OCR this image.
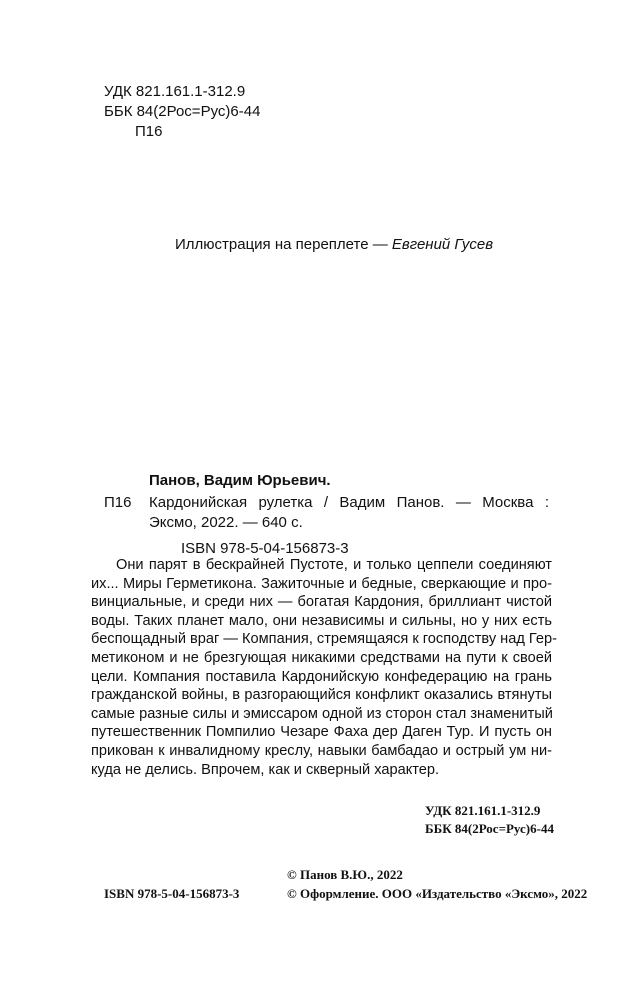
УДК 821.161.1-312.9
ББК 84(2Рос=Рус)6-44
П16
Иллюстрация на переплете — Евгений Гусев
Панов, Вадим Юрьевич.
П16 Кардонийская рулетка / Вадим Панов. — Москва :
Эксмо, 2022. — 640 с.
ISBN 978-5-04-156873-3
Они парят в бескрайней Пустоте, и только цеппели соединяют
их... Миры Герметикона. Зажиточные и бедные, сверкающие и про-
винциальные, и среди них — богатая Кардония, бриллиант чистой
воды. Таких планет мало, они независимы и сильны, но у них есть
беспощадный враг — Компания, стремящаяся к господству над Гер-
метиконом и не брезгующая никакими средствами на пути к своей
цели. Компания поставила Кардонийскую конфедерацию на грань
гражданской войны, в разгорающийся конфликт оказались втянуты
самые разные силы и эмиссаром одной из сторон стал знаменитый
путешественник Помпилио Чезаре Фаха дер Даген Тур. И пусть он
прикован к инвалидному креслу, навыки бамбадао и острый ум ни-
куда не делись. Впрочем, как и скверный характер.
УДК 821.161.1-312.9
ББК 84(2Рос=Рус)6-44
© Панов В.Ю., 2022
ISBN 978-5-04-156873-3	© Оформление. ООО «Издательство «Эксмо», 2022
